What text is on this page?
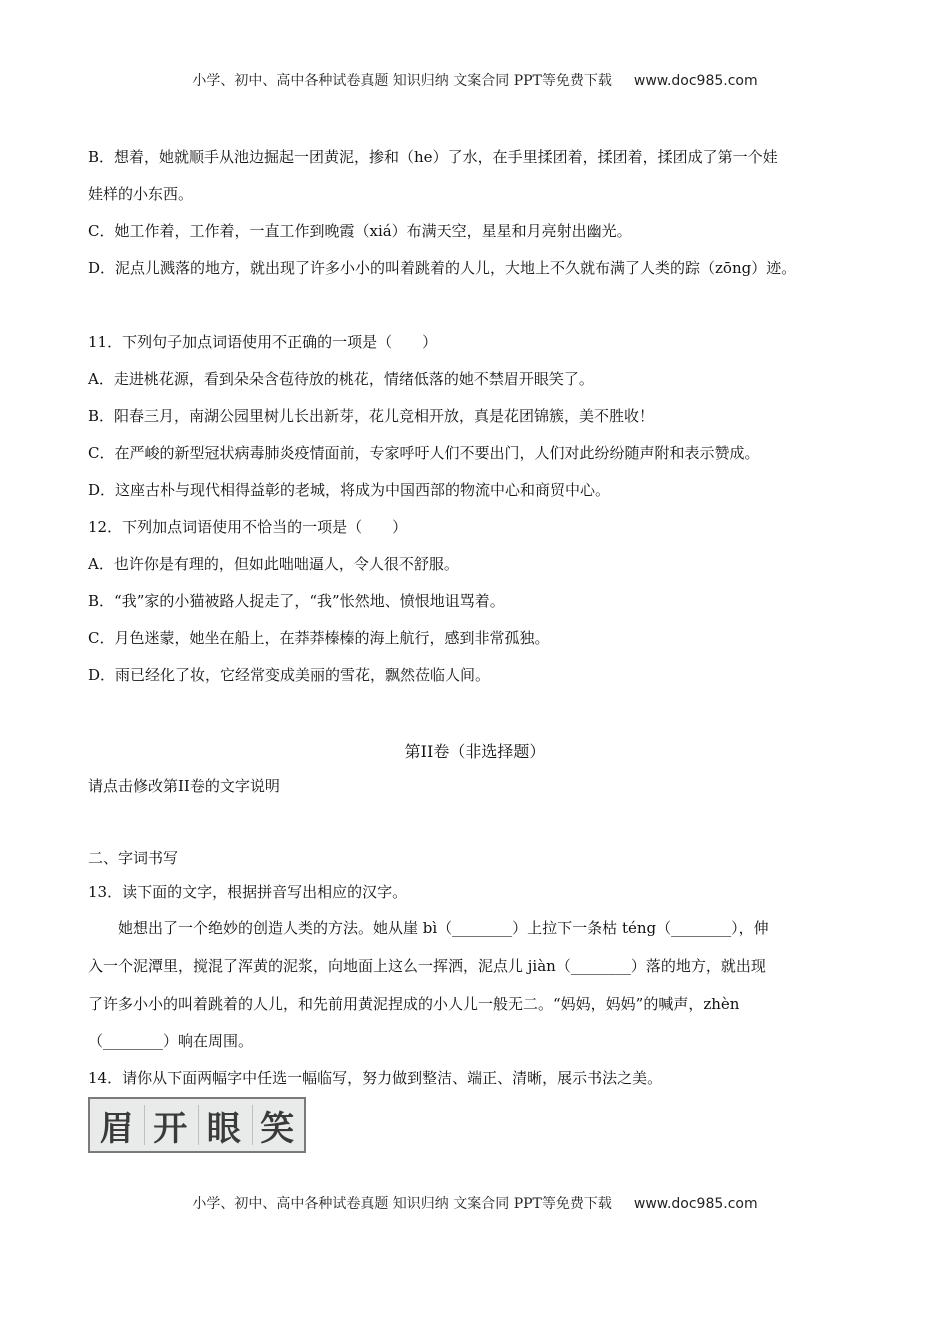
小学、初中、高中各种试卷真题 知识归纳 文案合同 PPT等免费下载 www.doc985.com
B．想着，她就顺手从池边掘起一团黄泥，掺和（he）了水，在手里揉团着，揉团着，揉团成了第一个娃
娃样的小东西。
C．她工作着，工作着，一直工作到晚霞（xiá）布满天空，星星和月亮射出幽光。
D．泥点儿溅落的地方，就出现了许多小小的叫着跳着的人儿，大地上不久就布满了人类的踪（zōng）迹。
11．下列句子加点词语使用不正确的一项是（　　）
A．走进桃花源，看到朵朵含苞待放的桃花，情绪低落的她不禁眉开眼笑了。
B．阳春三月，南湖公园里树儿长出新芽，花儿竞相开放，真是花团锦簇，美不胜收！
C．在严峻的新型冠状病毒肺炎疫情面前，专家呼吁人们不要出门，人们对此纷纷随声附和表示赞成。
D．这座古朴与现代相得益彰的老城，将成为中国西部的物流中心和商贸中心。
12．下列加点词语使用不恰当的一项是（　　）
A．也许你是有理的，但如此咄咄逼人，令人很不舒服。
B．“我”家的小猫被路人捉走了，“我”怅然地、愤恨地诅骂着。
C．月色迷蒙，她坐在船上，在莽莽榛榛的海上航行，感到非常孤独。
D．雨已经化了妆，它经常变成美丽的雪花，飘然莅临人间。
第II卷（非选择题）
请点击修改第II卷的文字说明
二、字词书写
13．读下面的文字，根据拼音写出相应的汉字。
她想出了一个绝妙的创造人类的方法。她从崖 bì（________）上拉下一条枯 téng（________），伸
入一个泥潭里，搅混了浑黄的泥浆，向地面上这么一挥洒，泥点儿 jiàn（________）落的地方，就出现
了许多小小的叫着跳着的人儿，和先前用黄泥捏成的小人儿一般无二。“妈妈，妈妈”的喊声，zhèn
（________）响在周围。
14．请你从下面两幅字中任选一幅临写，努力做到整洁、端正、清晰，展示书法之美。
眉 开 眼 笑
小学、初中、高中各种试卷真题 知识归纳 文案合同 PPT等免费下载 www.doc985.com
